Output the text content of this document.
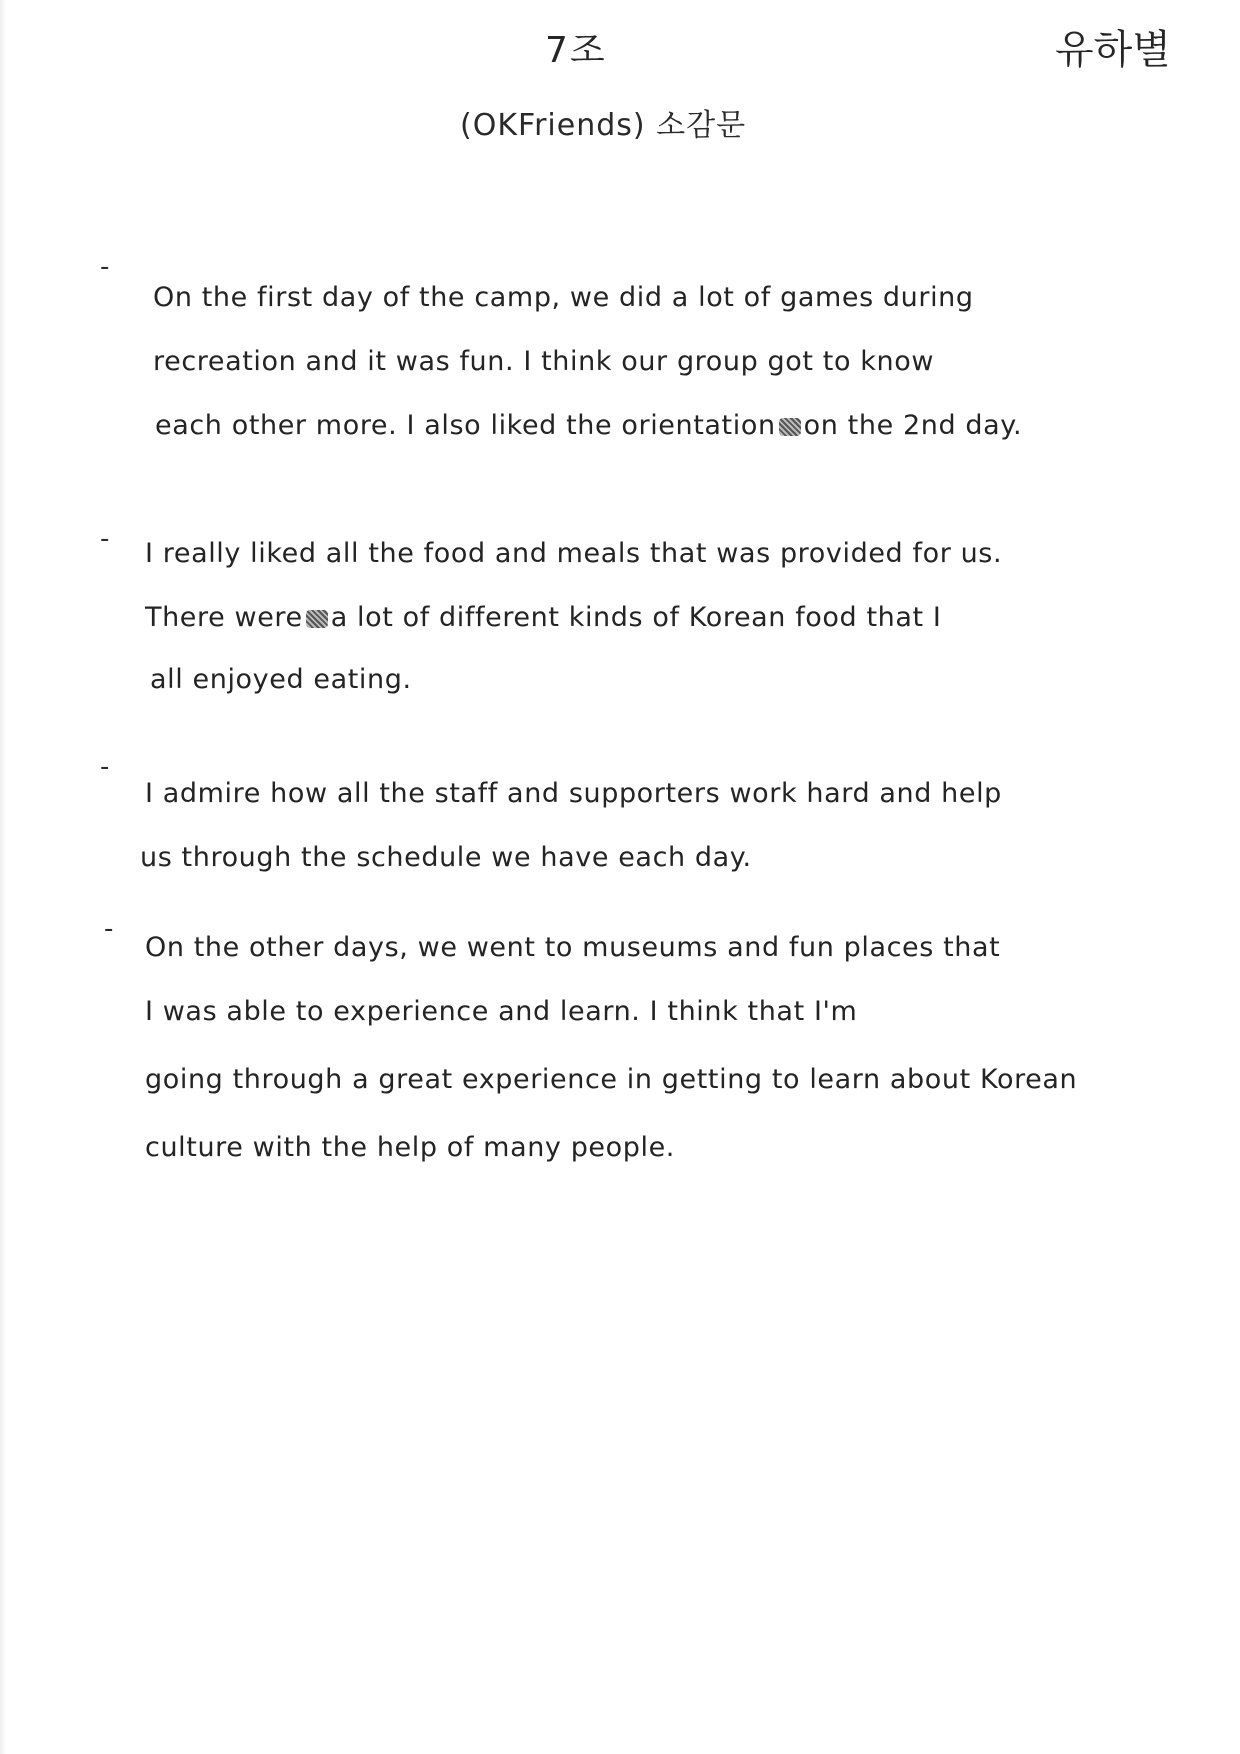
7조	유하별
(OKFriends) 소감문
-
On the first day of the camp, we did a lot of games during
recreation and it was fun. I think our group got to know
each other more. I also liked the orientation on the 2nd day.
- I really liked all the food and meals that was provided for us.
There were a lot of different kinds of Korean food that I
all enjoyed eating.
-
I admire how all the staff and supporters work hard and help
us through the schedule we have each day.
-
On the other days, we went to museums and fun places that
I was able to experience and learn. I think that I'm
going through a great experience in getting to learn about Korean
culture with the help of many people.
